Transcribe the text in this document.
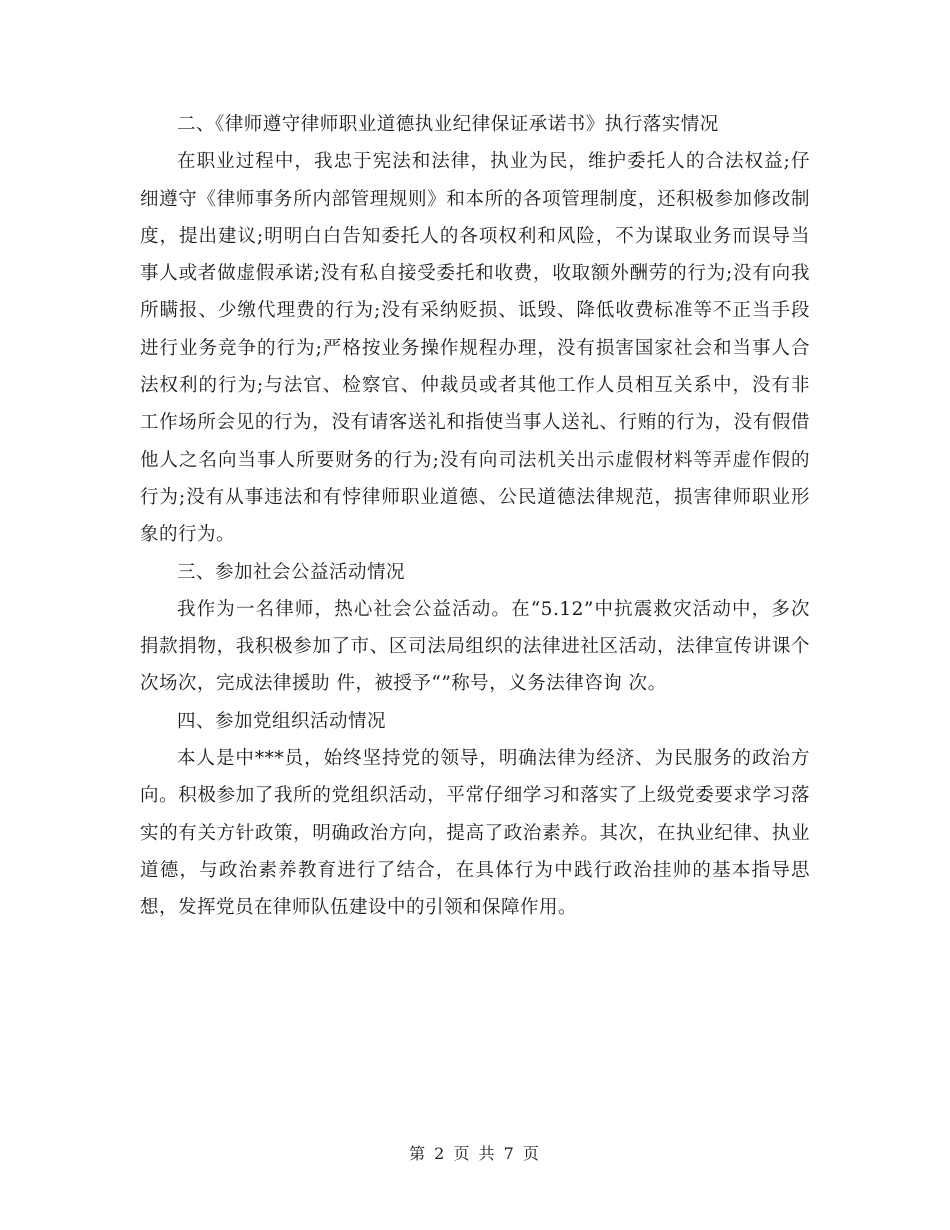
二、《律师遵守律师职业道德执业纪律保证承诺书》执行落实情况

在职业过程中，我忠于宪法和法律，执业为民，维护委托人的合法权益;仔细遵守《律师事务所内部管理规则》和本所的各项管理制度，还积极参加修改制度，提出建议;明明白白告知委托人的各项权利和风险，不为谋取业务而误导当事人或者做虚假承诺;没有私自接受委托和收费，收取额外酬劳的行为;没有向我所瞒报、少缴代理费的行为;没有采纳贬损、诋毁、降低收费标准等不正当手段进行业务竞争的行为;严格按业务操作规程办理，没有损害国家社会和当事人合法权利的行为;与法官、检察官、仲裁员或者其他工作人员相互关系中，没有非工作场所会见的行为，没有请客送礼和指使当事人送礼、行贿的行为，没有假借他人之名向当事人所要财务的行为;没有向司法机关出示虚假材料等弄虚作假的行为;没有从事违法和有悖律师职业道德、公民道德法律规范，损害律师职业形象的行为。

三、参加社会公益活动情况

我作为一名律师，热心社会公益活动。在“5.12”中抗震救灾活动中，多次捐款捐物，我积极参加了市、区司法局组织的法律进社区活动，法律宣传讲课个次场次，完成法律援助 件，被授予“”称号，义务法律咨询 次。

四、参加党组织活动情况

本人是中***员，始终坚持党的领导，明确法律为经济、为民服务的政治方向。积极参加了我所的党组织活动，平常仔细学习和落实了上级党委要求学习落实的有关方针政策，明确政治方向，提高了政治素养。其次，在执业纪律、执业道德，与政治素养教育进行了结合，在具体行为中践行政治挂帅的基本指导思想，发挥党员在律师队伍建设中的引领和保障作用。

第 2 页 共 7 页
